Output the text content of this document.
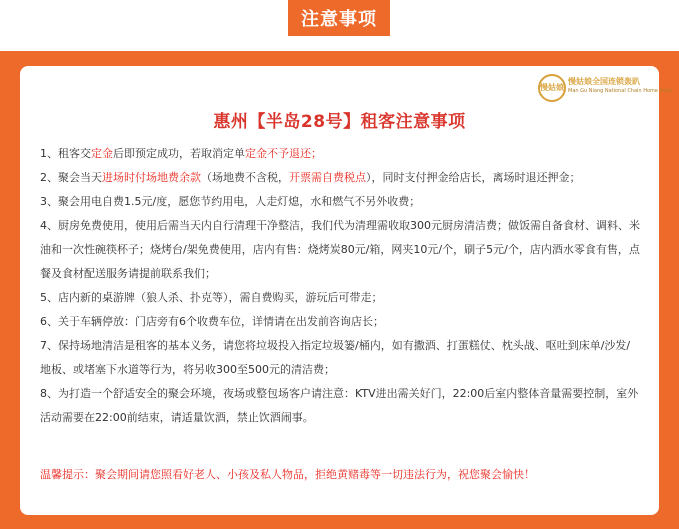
注意事项
慢姑娘
慢姑娘全国连锁轰趴
Man Gu Niang National Chain Home Party
惠州【半岛28号】租客注意事项

1、租客交定金后即预定成功，若取消定单定金不予退还；

2、聚会当天进场时付场地费余款（场地费不含税，开票需自费税点），同时支付押金给店长，离场时退还押金；

3、聚会用电自费1.5元/度，愿您节约用电，人走灯熄，水和燃气不另外收费；

4、厨房免费使用，使用后需当天内自行清理干净整洁，我们代为清理需收取300元厨房清洁费；做饭需自备食材、调料、米油和一次性碗筷杯子；烧烤台/架免费使用，店内有售：烧烤炭80元/箱，网夹10元/个，刷子5元/个，店内酒水零食有售，点餐及食材配送服务请提前联系我们；

5、店内新的桌游牌（狼人杀、扑克等），需自费购买，游玩后可带走；

6、关于车辆停放：门店旁有6个收费车位，详情请在出发前咨询店长；

7、保持场地清洁是租客的基本义务，请您将垃圾投入指定垃圾篓/桶内，如有撒酒、打蛋糕仗、枕头战、呕吐到床单/沙发/地板、或堵塞下水道等行为，将另收300至500元的清洁费；

8、为打造一个舒适安全的聚会环境，夜场或整包场客户请注意：KTV进出需关好门，22:00后室内整体音量需要控制，室外活动需要在22:00前结束，请适量饮酒，禁止饮酒闹事。

温馨提示：聚会期间请您照看好老人、小孩及私人物品，拒绝黄赌毒等一切违法行为，祝您聚会愉快！
